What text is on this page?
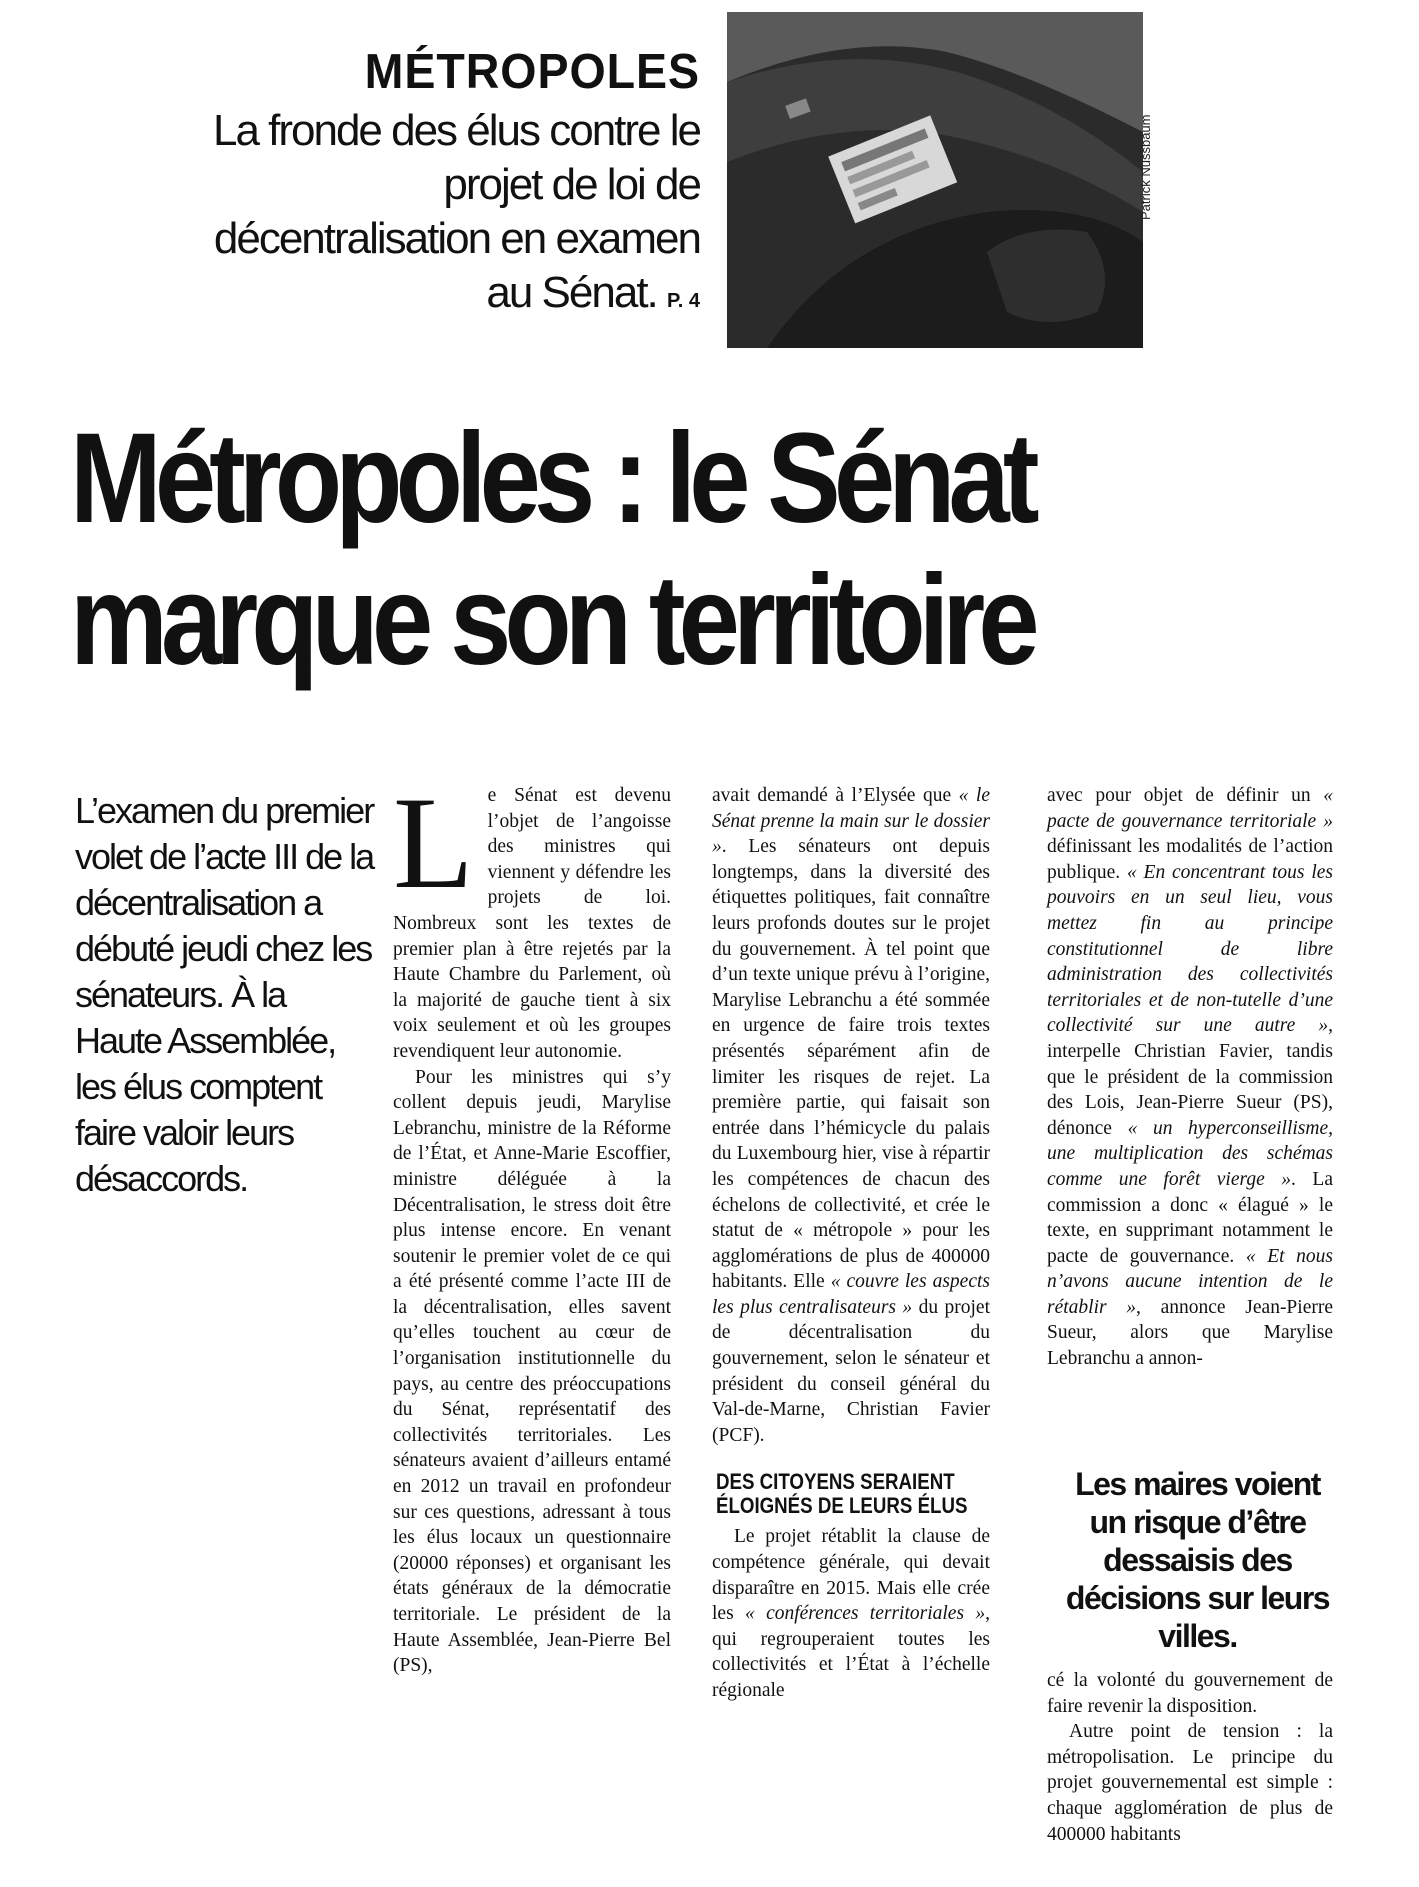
MÉTROPOLES
La fronde des élus contre le projet de loi de décentralisation en examen au Sénat. P. 4
Patrick Nussbaum
Métropoles : le Sénat
marque son territoire
L’examen du premier volet de l’acte III de la décentralisation a débuté jeudi chez les sénateurs. À la Haute Assemblée, les élus comptent faire valoir leurs désaccords.

Le Sénat est devenu l’objet de l’angoisse des ministres qui viennent y défendre les projets de loi. Nombreux sont les textes de premier plan à être rejetés par la Haute Chambre du Parlement, où la majorité de gauche tient à six voix seulement et où les groupes revendiquent leur autonomie.

Pour les ministres qui s’y collent depuis jeudi, Marylise Lebranchu, ministre de la Réforme de l’État, et Anne-Marie Escoffier, ministre déléguée à la Décentralisation, le stress doit être plus intense encore. En venant soutenir le premier volet de ce qui a été présenté comme l’acte III de la décentralisation, elles savent qu’elles touchent au cœur de l’organisation institutionnelle du pays, au centre des préoccupations du Sénat, représentatif des collectivités territoriales. Les sénateurs avaient d’ailleurs entamé en 2012 un travail en profondeur sur ces questions, adressant à tous les élus locaux un questionnaire (20000 réponses) et organisant les états généraux de la démocratie territoriale. Le président de la Haute Assemblée, Jean-Pierre Bel (PS),

avait demandé à l’Elysée que « le Sénat prenne la main sur le dossier ». Les sénateurs ont depuis longtemps, dans la diversité des étiquettes politiques, fait connaître leurs profonds doutes sur le projet du gouvernement. À tel point que d’un texte unique prévu à l’origine, Marylise Lebranchu a été sommée en urgence de faire trois textes présentés séparément afin de limiter les risques de rejet. La première partie, qui faisait son entrée dans l’hémicycle du palais du Luxembourg hier, vise à répartir les compétences de chacun des échelons de collectivité, et crée le statut de « métropole » pour les agglomérations de plus de 400000 habitants. Elle « couvre les aspects les plus centralisateurs » du projet de décentralisation du gouvernement, selon le sénateur et président du conseil général du Val-de-Marne, Christian Favier (PCF).

DES CITOYENS SERAIENT
ÉLOIGNÉS DE LEURS ÉLUS

Le projet rétablit la clause de compétence générale, qui devait disparaître en 2015. Mais elle crée les « conférences territoriales », qui regrouperaient toutes les collectivités et l’État à l’échelle régionale

avec pour objet de définir un « pacte de gouvernance territoriale » définissant les modalités de l’action publique. « En concentrant tous les pouvoirs en un seul lieu, vous mettez fin au principe constitutionnel de libre administration des collectivités territoriales et de non-tutelle d’une collectivité sur une autre », interpelle Christian Favier, tandis que le président de la commission des Lois, Jean-Pierre Sueur (PS), dénonce « un hyperconseillisme, une multiplication des schémas comme une forêt vierge ». La commission a donc « élagué » le texte, en supprimant notamment le pacte de gouvernance. « Et nous n’avons aucune intention de le rétablir », annonce Jean-Pierre Sueur, alors que Marylise Lebranchu a annon-

Les maires voient un risque d’être dessaisis des décisions sur leurs villes.

cé la volonté du gouvernement de faire revenir la disposition.

Autre point de tension : la métropolisation. Le principe du projet gouvernemental est simple : chaque agglomération de plus de 400000 habitants
